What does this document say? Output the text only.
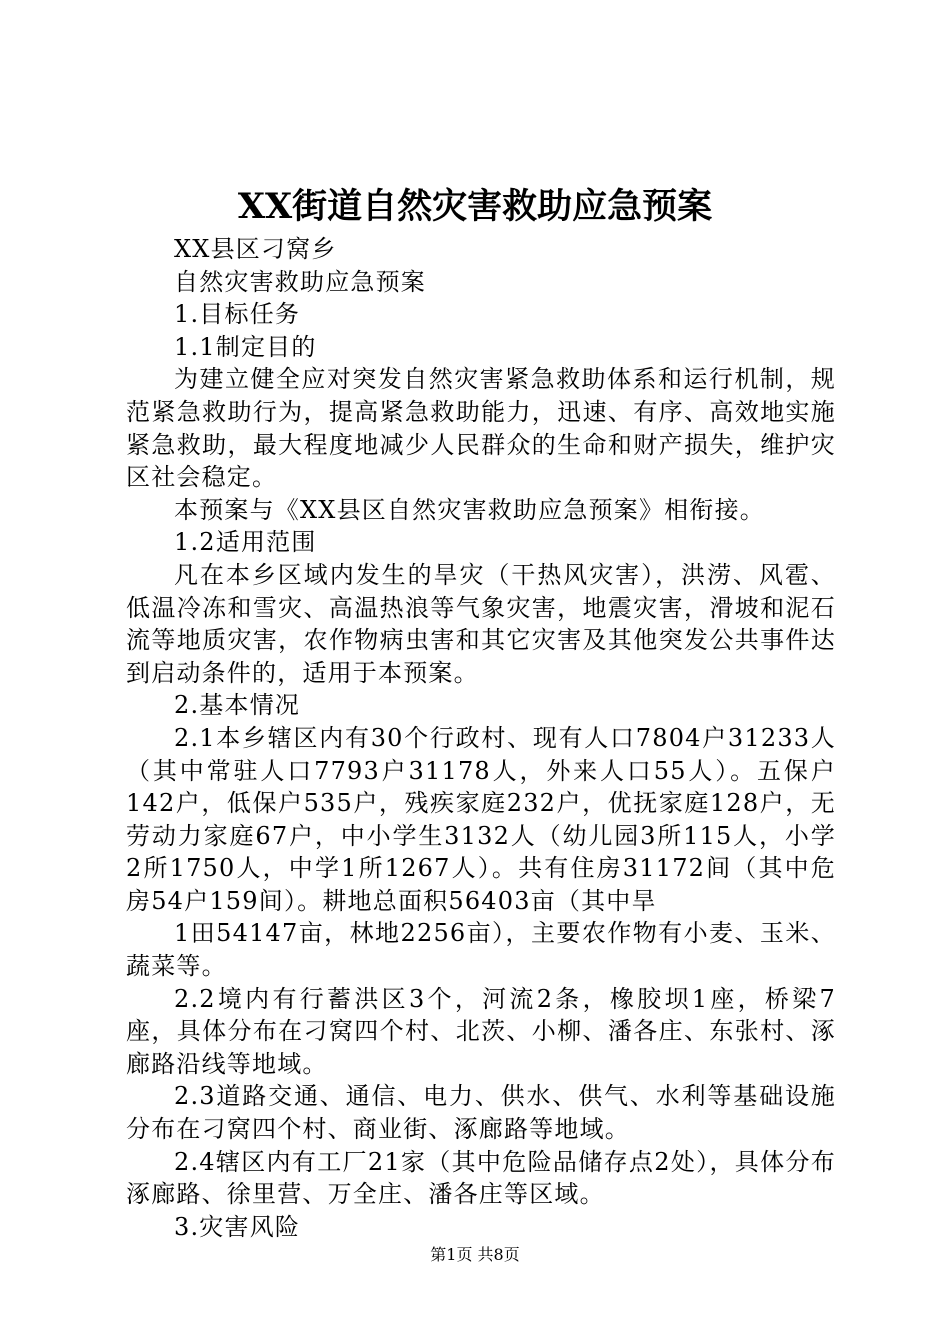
XX街道自然灾害救助应急预案

XX县区刁窝乡

自然灾害救助应急预案

1.目标任务

1.1制定目的

为建立健全应对突发自然灾害紧急救助体系和运行机制，规范紧急救助行为，提高紧急救助能力，迅速、有序、高效地实施紧急救助，最大程度地减少人民群众的生命和财产损失，维护灾区社会稳定。

本预案与《XX县区自然灾害救助应急预案》相衔接。

1.2适用范围

凡在本乡区域内发生的旱灾（干热风灾害），洪涝、风雹、低温冷冻和雪灾、高温热浪等气象灾害，地震灾害，滑坡和泥石流等地质灾害，农作物病虫害和其它灾害及其他突发公共事件达到启动条件的，适用于本预案。

2.基本情况

2.1本乡辖区内有30个行政村、现有人口7804户31233人（其中常驻人口7793户31178人，外来人口55人）。五保户142户，低保户535户，残疾家庭232户，优抚家庭128户，无劳动力家庭67户，中小学生3132人（幼儿园3所115人，小学2所1750人，中学1所1267人）。共有住房31172间（其中危房54户159间）。耕地总面积56403亩（其中旱

1田54147亩，林地2256亩），主要农作物有小麦、玉米、蔬菜等。

2.2境内有行蓄洪区3个，河流2条，橡胶坝1座，桥梁7座，具体分布在刁窝四个村、北茨、小柳、潘各庄、东张村、涿廊路沿线等地域。

2.3道路交通、通信、电力、供水、供气、水利等基础设施分布在刁窝四个村、商业街、涿廊路等地域。

2.4辖区内有工厂21家（其中危险品储存点2处），具体分布涿廊路、徐里营、万全庄、潘各庄等区域。

3.灾害风险

第1页 共8页
